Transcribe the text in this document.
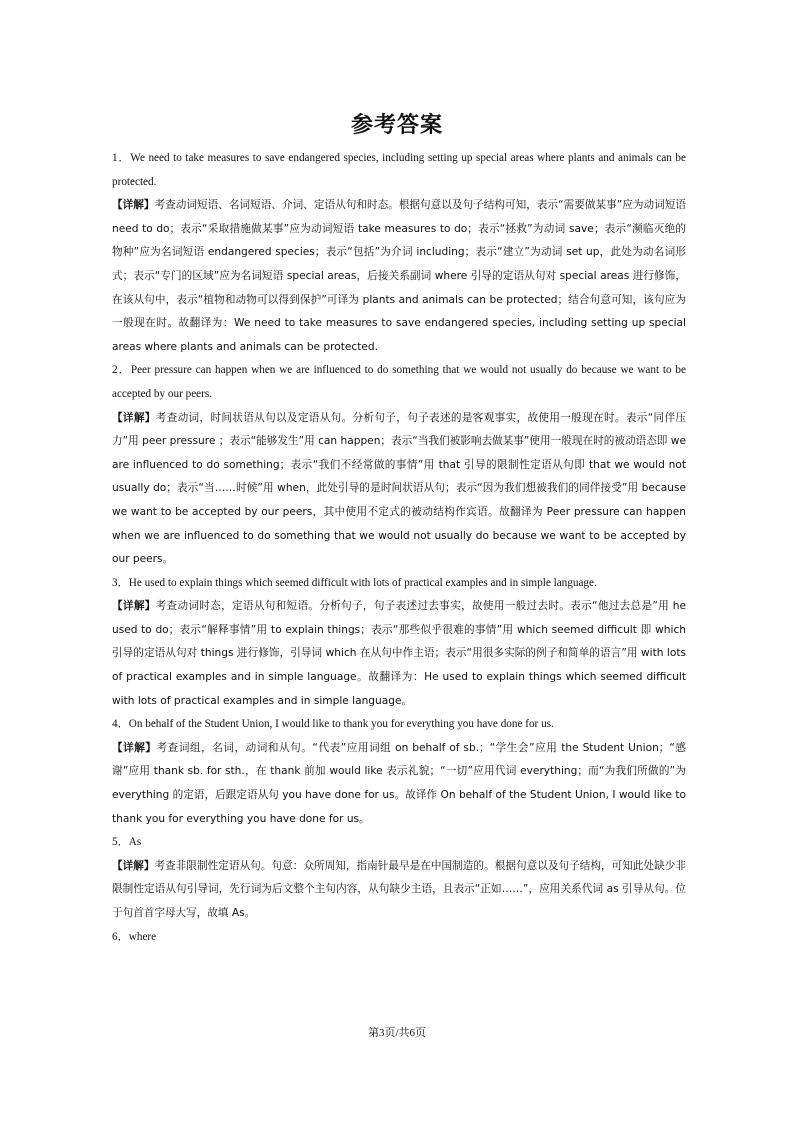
参考答案

1．We need to take measures to save endangered species, including setting up special areas where plants and animals can be protected.

【详解】考查动词短语、名词短语、介词、定语从句和时态。根据句意以及句子结构可知，表示“需要做某事”应为动词短语 need to do；表示“采取措施做某事”应为动词短语 take measures to do；表示“拯救”为动词 save；表示“濒临灭绝的物种”应为名词短语 endangered species；表示“包括”为介词 including；表示“建立”为动词 set up，此处为动名词形式；表示“专门的区域”应为名词短语 special areas，后接关系副词 where 引导的定语从句对 special areas 进行修饰，在该从句中，表示“植物和动物可以得到保护”可译为 plants and animals can be protected；结合句意可知，该句应为一般现在时。故翻译为：We need to take measures to save endangered species, including setting up special areas where plants and animals can be protected.

2．Peer pressure can happen when we are influenced to do something that we would not usually do because we want to be accepted by our peers.

【详解】考查动词，时间状语从句以及定语从句。分析句子，句子表述的是客观事实，故使用一般现在时。表示“同伴压力”用 peer pressure ；表示“能够发生”用 can happen；表示“当我们被影响去做某事”使用一般现在时的被动语态即 we are influenced to do something；表示“我们不经常做的事情”用 that 引导的限制性定语从句即 that we would not usually do；表示“当……时候”用 when，此处引导的是时间状语从句；表示“因为我们想被我们的同伴接受”用 because we want to be accepted by our peers，其中使用不定式的被动结构作宾语。故翻译为 Peer pressure can happen when we are influenced to do something that we would not usually do because we want to be accepted by our peers。

3．He used to explain things which seemed difficult with lots of practical examples and in simple language.

【详解】考查动词时态，定语从句和短语。分析句子，句子表述过去事实，故使用一般过去时。表示“他过去总是”用 he used to do；表示“解释事情”用 to explain things；表示“那些似乎很难的事情”用 which seemed difficult 即 which 引导的定语从句对 things 进行修饰，引导词 which 在从句中作主语；表示“用很多实际的例子和简单的语言”用 with lots of practical examples and in simple language。故翻译为：He used to explain things which seemed difficult with lots of practical examples and in simple language。

4．On behalf of the Student Union, I would like to thank you for everything you have done for us.

【详解】考查词组，名词，动词和从句。“代表”应用词组 on behalf of sb.；“学生会”应用 the Student Union；“感谢”应用 thank sb. for sth.，在 thank 前加 would like 表示礼貌；“一切”应用代词 everything；而“为我们所做的”为 everything 的定语，后跟定语从句 you have done for us。故译作 On behalf of the Student Union, I would like to thank you for everything you have done for us。

5．As

【详解】考查非限制性定语从句。句意：众所周知，指南针最早是在中国制造的。根据句意以及句子结构，可知此处缺少非限制性定语从句引导词，先行词为后文整个主句内容，从句缺少主语，且表示“正如……”，应用关系代词 as 引导从句。位于句首首字母大写，故填 As。

6．where

第3页/共6页
